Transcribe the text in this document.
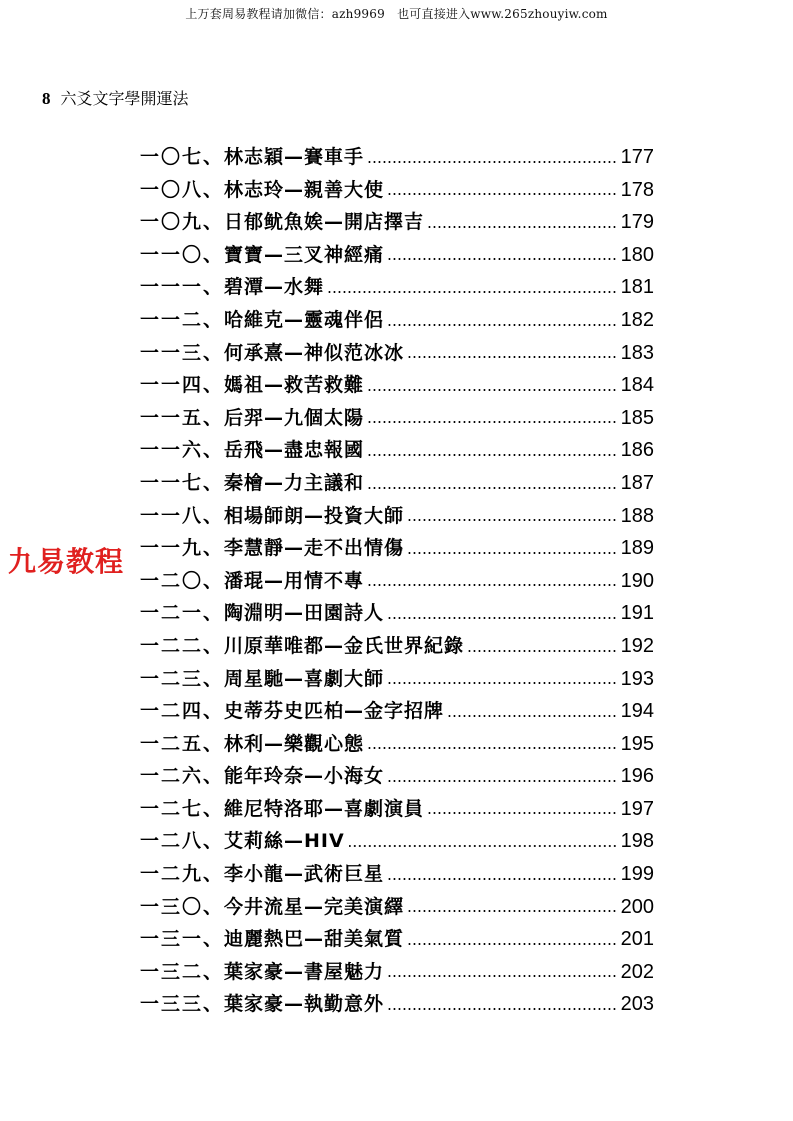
上万套周易教程请加微信：azh9969　也可直接进入www.265zhouyiw.com
8 六爻文字學開運法
一〇七、 林志穎—賽車手	177
一〇八、 林志玲—親善大使	178
一〇九、 日郁鱿魚娭—開店擇吉	179
一一〇、 寶寶—三叉神經痛	180
一一一、 碧潭—水舞	181
一一二、 哈維克—靈魂伴侶	182
一一三、 何承熹—神似范冰冰	183
一一四、 媽祖—救苦救難	184
一一五、 后羿—九個太陽	185
一一六、 岳飛—盡忠報國	186
一一七、 秦檜—力主議和	187
一一八、 相場師朗—投資大師	188
一一九、 李慧靜—走不出情傷	189
一二〇、 潘琨—用情不專	190
一二一、 陶淵明—田園詩人	191
一二二、 川原華唯都—金氏世界紀錄	192
一二三、 周星馳—喜劇大師	193
一二四、 史蒂芬史匹柏—金字招牌	194
一二五、 林利—樂觀心態	195
一二六、 能年玲奈—小海女	196
一二七、 維尼特洛耶—喜劇演員	197
一二八、 艾莉絲—HIV	198
一二九、 李小龍—武術巨星	199
一三〇、 今井流星—完美演繹	200
一三一、 迪麗熱巴—甜美氣質	201
一三二、 葉家豪—書屋魅力	202
一三三、 葉家豪—執勤意外	203
九易教程
